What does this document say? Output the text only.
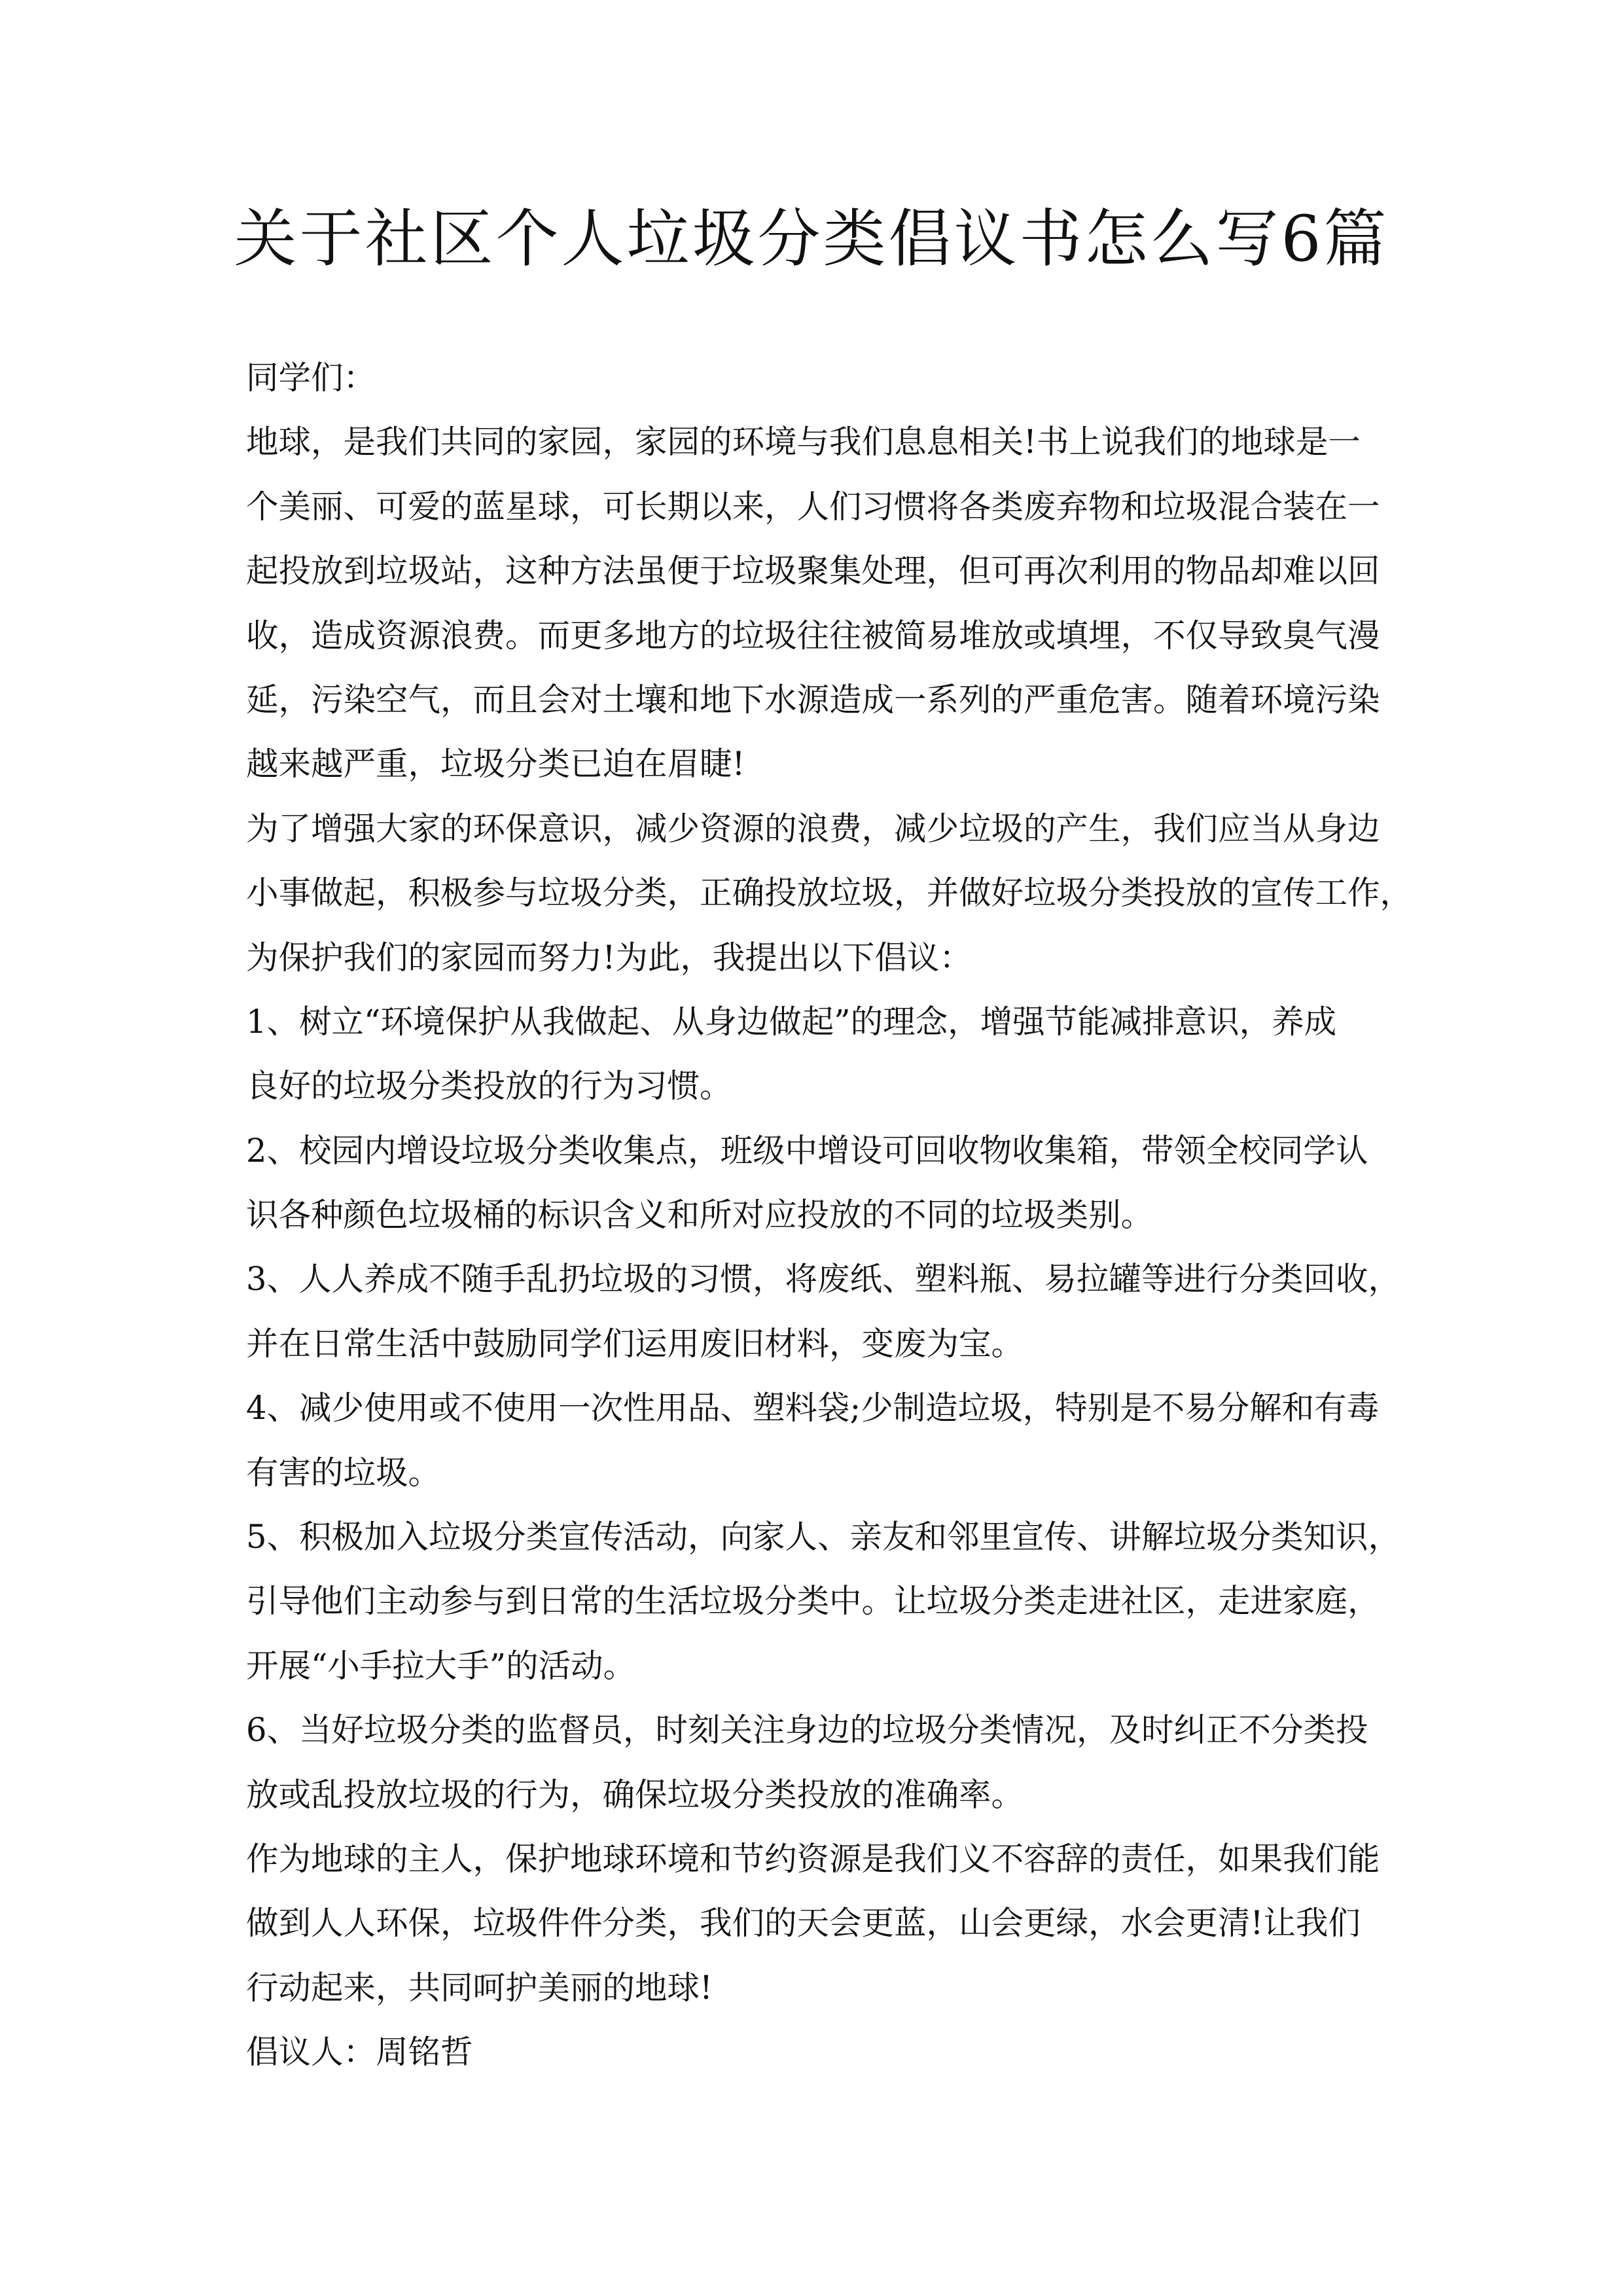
关于社区个人垃圾分类倡议书怎么写6篇
同学们：
地球，是我们共同的家园，家园的环境与我们息息相关!书上说我们的地球是一
个美丽、可爱的蓝星球，可长期以来，人们习惯将各类废弃物和垃圾混合装在一
起投放到垃圾站，这种方法虽便于垃圾聚集处理，但可再次利用的物品却难以回
收，造成资源浪费。而更多地方的垃圾往往被简易堆放或填埋，不仅导致臭气漫
延，污染空气，而且会对土壤和地下水源造成一系列的严重危害。随着环境污染
越来越严重，垃圾分类已迫在眉睫!
为了增强大家的环保意识，减少资源的浪费，减少垃圾的产生，我们应当从身边
小事做起，积极参与垃圾分类，正确投放垃圾，并做好垃圾分类投放的宣传工作，
为保护我们的家园而努力!为此，我提出以下倡议：
1、树立“环境保护从我做起、从身边做起”的理念，增强节能减排意识，养成
良好的垃圾分类投放的行为习惯。
2、校园内增设垃圾分类收集点，班级中增设可回收物收集箱，带领全校同学认
识各种颜色垃圾桶的标识含义和所对应投放的不同的垃圾类别。
3、人人养成不随手乱扔垃圾的习惯，将废纸、塑料瓶、易拉罐等进行分类回收，
并在日常生活中鼓励同学们运用废旧材料，变废为宝。
4、减少使用或不使用一次性用品、塑料袋;少制造垃圾，特别是不易分解和有毒
有害的垃圾。
5、积极加入垃圾分类宣传活动，向家人、亲友和邻里宣传、讲解垃圾分类知识，
引导他们主动参与到日常的生活垃圾分类中。让垃圾分类走进社区，走进家庭，
开展“小手拉大手”的活动。
6、当好垃圾分类的监督员，时刻关注身边的垃圾分类情况，及时纠正不分类投
放或乱投放垃圾的行为，确保垃圾分类投放的准确率。
作为地球的主人，保护地球环境和节约资源是我们义不容辞的责任，如果我们能
做到人人环保，垃圾件件分类，我们的天会更蓝，山会更绿，水会更清!让我们
行动起来，共同呵护美丽的地球!
倡议人：周铭哲
